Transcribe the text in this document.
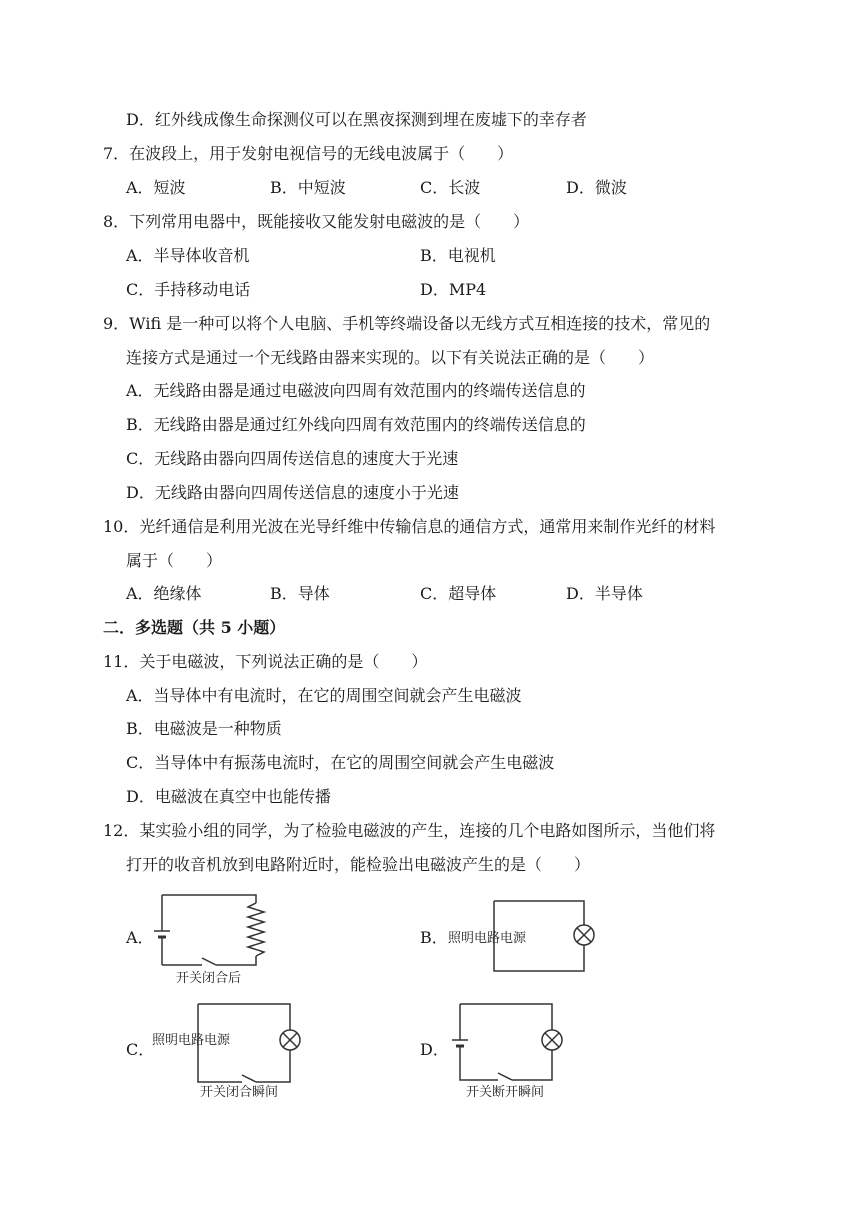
D．红外线成像生命探测仪可以在黑夜探测到埋在废墟下的幸存者
7．在波段上，用于发射电视信号的无线电波属于（　　）
A．短波	B．中短波	C．长波	D．微波
8．下列常用电器中，既能接收又能发射电磁波的是（　　）
A．半导体收音机	B．电视机
C．手持移动电话	D．MP4
9．Wifi 是一种可以将个人电脑、手机等终端设备以无线方式互相连接的技术，常见的
连接方式是通过一个无线路由器来实现的。以下有关说法正确的是（　　）
A．无线路由器是通过电磁波向四周有效范围内的终端传送信息的
B．无线路由器是通过红外线向四周有效范围内的终端传送信息的
C．无线路由器向四周传送信息的速度大于光速
D．无线路由器向四周传送信息的速度小于光速
10．光纤通信是利用光波在光导纤维中传输信息的通信方式，通常用来制作光纤的材料
属于（　　）
A．绝缘体	B．导体	C．超导体	D．半导体
二．多选题（共 5 小题）
11．关于电磁波，下列说法正确的是（　　）
A．当导体中有电流时，在它的周围空间就会产生电磁波
B．电磁波是一种物质
C．当导体中有振荡电流时，在它的周围空间就会产生电磁波
D．电磁波在真空中也能传播
12．某实验小组的同学，为了检验电磁波的产生，连接的几个电路如图所示，当他们将
打开的收音机放到电路附近时，能检验出电磁波产生的是（　　）
A．	B．
C．	D．
开关闭合后
照明电路电源
照明电路电源
开关闭合瞬间	开关断开瞬间
